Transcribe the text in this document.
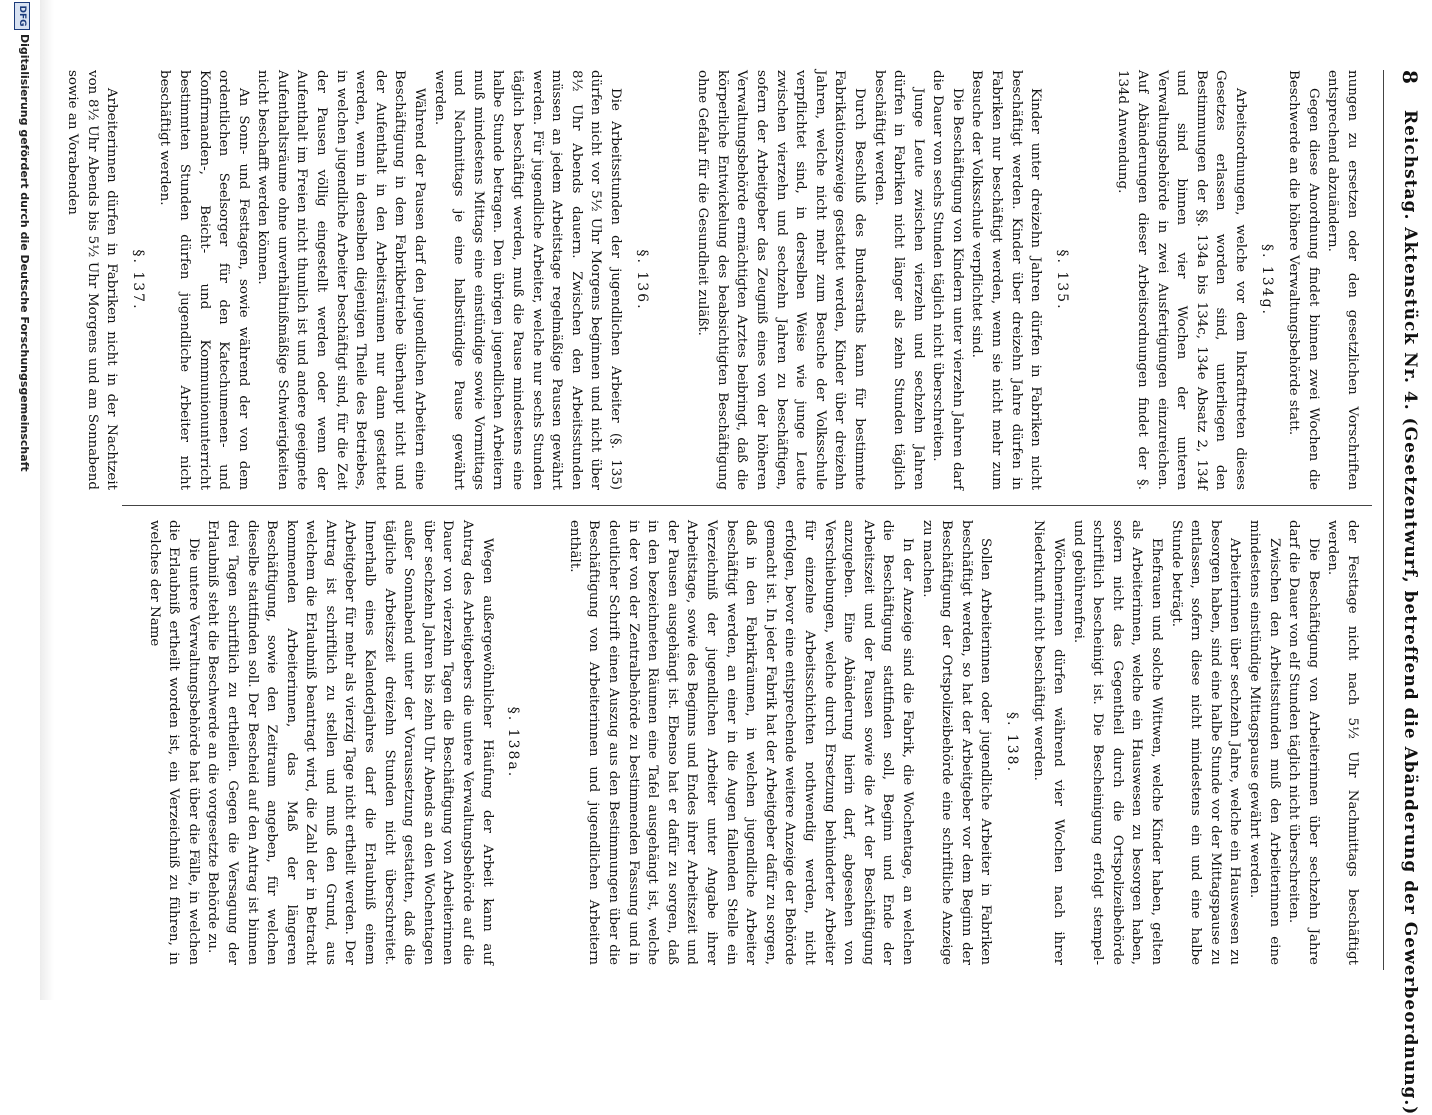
8
Reichstag. Aktenstück Nr. 4. (Gesetzentwurf, betreffend die Abänderung der Gewerbeordnung.)

nungen zu ersetzen oder den gesetzlichen Vorschriften entsprechend abzuändern.

Gegen diese Anordnung findet binnen zwei Wochen die Beschwerde an die höhere Verwaltungsbehörde statt.

§. 134g.

Arbeitsordnungen, welche vor dem Inkrafttreten dieses Gesetzes erlassen worden sind, unterliegen den Bestimmungen der §§. 134a bis 134c, 134e Absatz 2, 134f und sind binnen vier Wochen der unteren Verwaltungsbehörde in zwei Ausfertigungen einzureichen. Auf Abänderungen dieser Arbeitsordnungen findet der §. 134d Anwendung.

§. 135.

Kinder unter dreizehn Jahren dürfen in Fabriken nicht beschäftigt werden. Kinder über dreizehn Jahre dürfen in Fabriken nur beschäftigt werden, wenn sie nicht mehr zum Besuche der Volksschule verpflichtet sind.

Die Beschäftigung von Kindern unter vierzehn Jahren darf die Dauer von sechs Stunden täglich nicht überschreiten.

Junge Leute zwischen vierzehn und sechzehn Jahren dürfen in Fabriken nicht länger als zehn Stunden täglich beschäftigt werden.

Durch Beschluß des Bundesraths kann für bestimmte Fabrikationszweige gestattet werden, Kinder über dreizehn Jahren, welche nicht mehr zum Besuche der Volksschule verpflichtet sind, in derselben Weise wie junge Leute zwischen vierzehn und sechzehn Jahren zu beschäftigen, sofern der Arbeitgeber das Zeugniß eines von der höheren Verwaltungsbehörde ermächtigten Arztes beibringt, daß die körperliche Entwickelung des beabsichtigten Beschäftigung ohne Gefahr für die Gesundheit zuläßt.

§. 136.

Die Arbeitsstunden der jugendlichen Arbeiter (§. 135) dürfen nicht vor 5½ Uhr Morgens beginnen und nicht über 8½ Uhr Abends dauern. Zwischen den Arbeitsstunden müssen an jedem Arbeitstage regelmäßige Pausen gewährt werden. Für jugendliche Arbeiter, welche nur sechs Stunden täglich beschäftigt werden, muß die Pause mindestens eine halbe Stunde betragen. Den übrigen jugendlichen Arbeitern muß mindestens Mittags eine einstündige sowie Vormittags und Nachmittags je eine halbstündige Pause gewährt werden.

Während der Pausen darf den jugendlichen Arbeitern eine Beschäftigung in dem Fabrikbetriebe überhaupt nicht und der Aufenthalt in den Arbeitsräumen nur dann gestattet werden, wenn in denselben diejenigen Theile des Betriebes, in welchen jugendliche Arbeiter beschäftigt sind, für die Zeit der Pausen völlig eingestellt werden oder wenn der Aufenthalt im Freien nicht thunlich ist und andere geeignete Aufenthaltsräume ohne unverhältnißmäßige Schwierigkeiten nicht beschafft werden können.

An Sonn- und Festtagen, sowie während der von dem ordentlichen Seelsorger für den Katechumenen- und Konfirmanden-, Beicht- und Kommunionunterricht bestimmten Stunden dürfen jugendliche Arbeiter nicht beschäftigt werden.

§. 137.

Arbeiterinnen dürfen in Fabriken nicht in der Nachtzeit von 8½ Uhr Abends bis 5½ Uhr Morgens und am Sonnabend sowie an Vorabenden

der Festtage nicht nach 5½ Uhr Nachmittags beschäftigt werden.

Die Beschäftigung von Arbeiterinnen über sechzehn Jahre darf die Dauer von elf Stunden täglich nicht überschreiten.

Zwischen den Arbeitsstunden muß den Arbeiterinnen eine mindestens einstündige Mittagspause gewährt werden.

Arbeiterinnen über sechzehn Jahre, welche ein Hauswesen zu besorgen haben, sind eine halbe Stunde vor der Mittagspause zu entlassen, sofern diese nicht mindestens ein und eine halbe Stunde beträgt.

Ehefrauen und solche Wittwen, welche Kinder haben, gelten als Arbeiterinnen, welche ein Hauswesen zu besorgen haben, sofern nicht das Gegentheil durch die Ortspolizeibehörde schriftlich bescheinigt ist. Die Bescheinigung erfolgt stempel- und gebührenfrei.

Wöchnerinnen dürfen während vier Wochen nach ihrer Niederkunft nicht beschäftigt werden.

§. 138.

Sollen Arbeiterinnen oder jugendliche Arbeiter in Fabriken beschäftigt werden, so hat der Arbeitgeber vor dem Beginn der Beschäftigung der Ortspolizeibehörde eine schriftliche Anzeige zu machen.

In der Anzeige sind die Fabrik, die Wochentage, an welchen die Beschäftigung stattfinden soll, Beginn und Ende der Arbeitszeit und der Pausen sowie die Art der Beschäftigung anzugeben. Eine Abänderung hierin darf, abgesehen von Verschiebungen, welche durch Ersetzung behinderter Arbeiter für einzelne Arbeitsschichten nothwendig werden, nicht erfolgen, bevor eine entsprechende weitere Anzeige der Behörde gemacht ist. In jeder Fabrik hat der Arbeitgeber dafür zu sorgen, daß in den Fabrikräumen, in welchen jugendliche Arbeiter beschäftigt werden, an einer in die Augen fallenden Stelle ein Verzeichniß der jugendlichen Arbeiter unter Angabe ihrer Arbeitstage, sowie des Beginns und Endes ihrer Arbeitszeit und der Pausen ausgehängt ist. Ebenso hat er dafür zu sorgen, daß in den bezeichneten Räumen eine Tafel ausgehängt ist, welche in der von der Zentralbehörde zu bestimmenden Fassung und in deutlicher Schrift einen Auszug aus den Bestimmungen über die Beschäftigung von Arbeiterinnen und jugendlichen Arbeitern enthält.

§. 138a.

Wegen außergewöhnlicher Häufung der Arbeit kann auf Antrag des Arbeitgebers die untere Verwaltungsbehörde auf die Dauer von vierzehn Tagen die Beschäftigung von Arbeiterinnen über sechzehn Jahren bis zehn Uhr Abends an den Wochentagen außer Sonnabend unter der Voraussetzung gestatten, daß die tägliche Arbeitszeit dreizehn Stunden nicht überschreitet. Innerhalb eines Kalenderjahres darf die Erlaubniß einem Arbeitgeber für mehr als vierzig Tage nicht ertheilt werden. Der Antrag ist schriftlich zu stellen und muß den Grund, aus welchem die Erlaubniß beantragt wird, die Zahl der in Betracht kommenden Arbeiterinnen, das Maß der längeren Beschäftigung, sowie den Zeitraum angeben, für welchen dieselbe stattfinden soll. Der Bescheid auf den Antrag ist binnen drei Tagen schriftlich zu ertheilen. Gegen die Versagung der Erlaubniß steht die Beschwerde an die vorgesetzte Behörde zu.

Die untere Verwaltungsbehörde hat über die Fälle, in welchen die Erlaubniß ertheilt worden ist, ein Verzeichniß zu führen, in welches der Name

DFG
Digitalisierung gefördert durch die Deutsche Forschungsgemeinschaft
